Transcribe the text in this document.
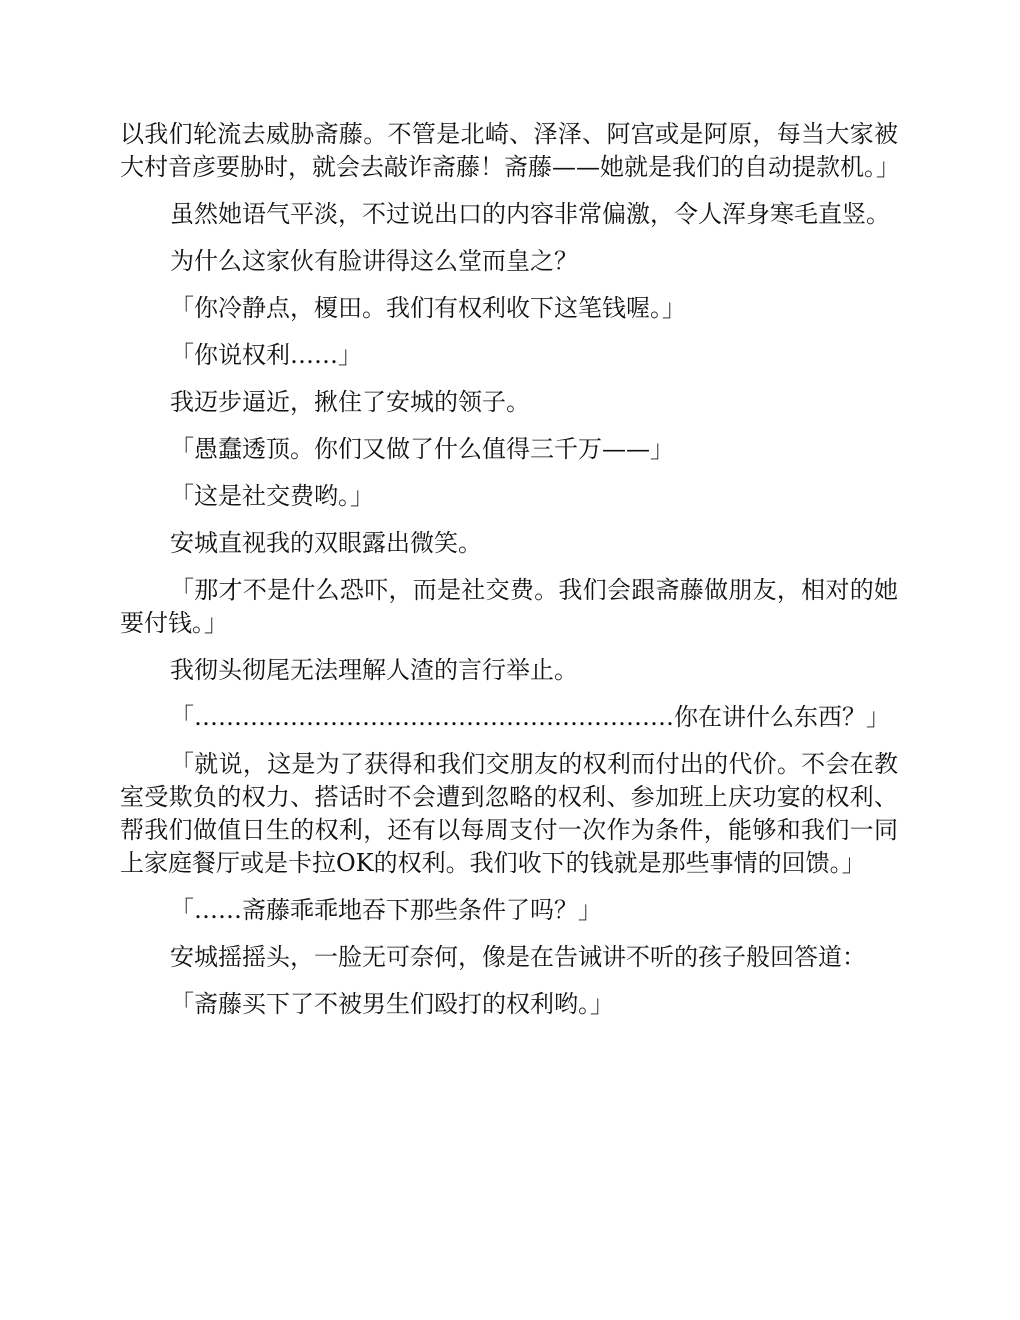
以我们轮流去威胁斋藤。不管是北崎、泽泽、阿宫或是阿原，每当大家被大村音彦要胁时，就会去敲诈斋藤！斋藤——她就是我们的自动提款机。」

虽然她语气平淡，不过说出口的内容非常偏激，令人浑身寒毛直竖。

为什么这家伙有脸讲得这么堂而皇之？

「你冷静点，榎田。我们有权利收下这笔钱喔。」

「你说权利……」

我迈步逼近，揪住了安城的领子。

「愚蠢透顶。你们又做了什么值得三千万——」

「这是社交费哟。」

安城直视我的双眼露出微笑。

「那才不是什么恐吓，而是社交费。我们会跟斋藤做朋友，相对的她要付钱。」

我彻头彻尾无法理解人渣的言行举止。

「……………………………………………………你在讲什么东西？」

「就说，这是为了获得和我们交朋友的权利而付出的代价。不会在教室受欺负的权力、搭话时不会遭到忽略的权利、参加班上庆功宴的权利、帮我们做值日生的权利，还有以每周支付一次作为条件，能够和我们一同上家庭餐厅或是卡拉OK的权利。我们收下的钱就是那些事情的回馈。」

「……斋藤乖乖地吞下那些条件了吗？」

安城摇摇头，一脸无可奈何，像是在告诫讲不听的孩子般回答道：

「斋藤买下了不被男生们殴打的权利哟。」
